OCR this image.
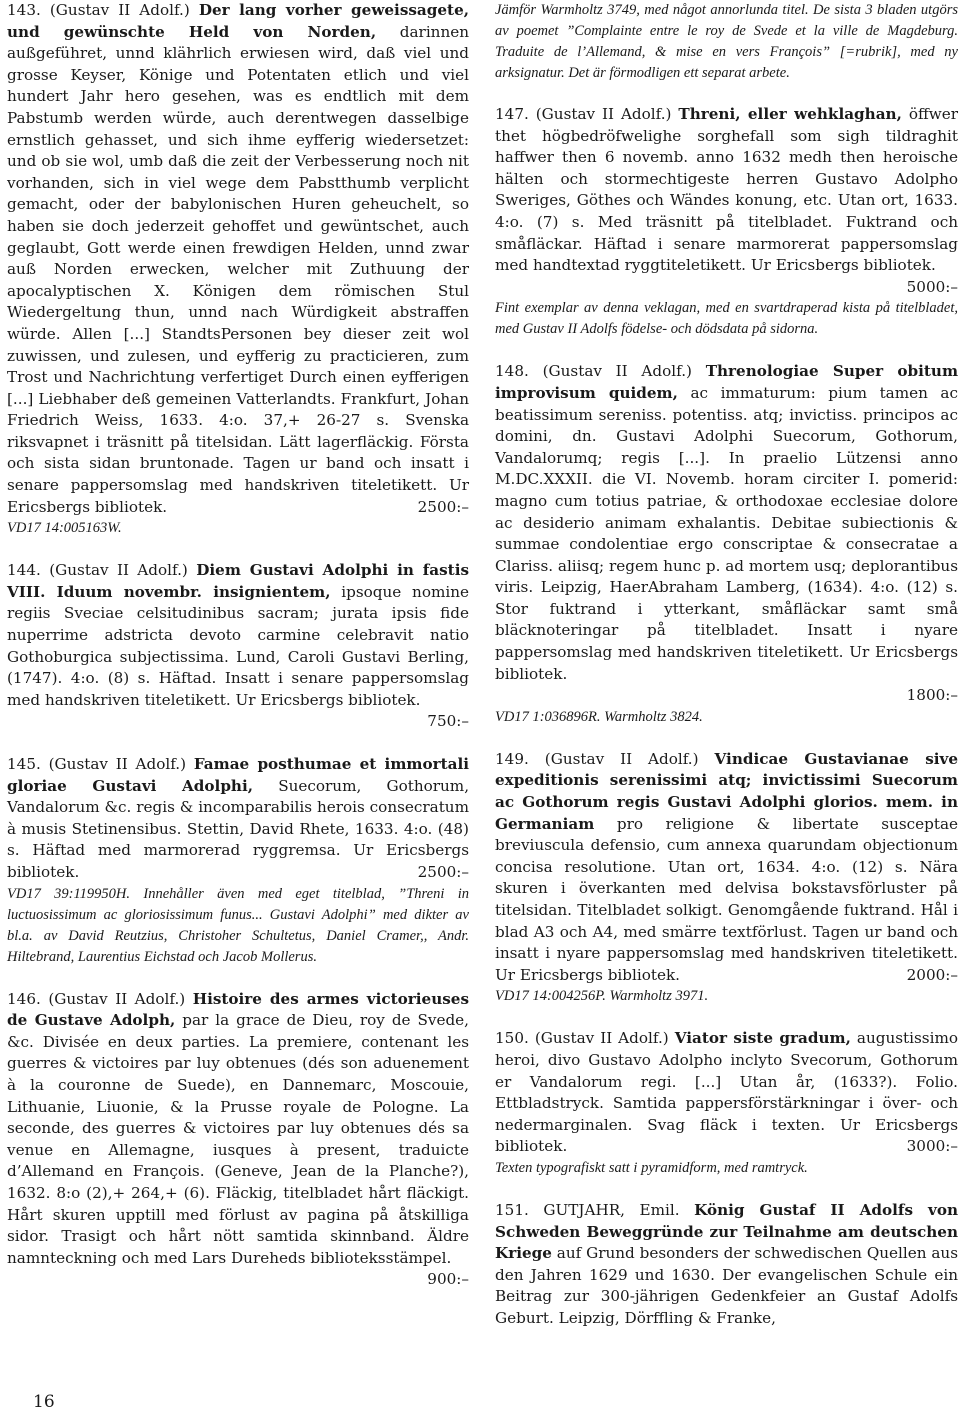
143. (Gustav II Adolf.) Der lang vorher geweissagete, und gewünschte Held von Norden, darinnen außgeführet, unnd klährlich erwiesen wird, daß viel und grosse Keyser, Könige und Potentaten etlich und viel hundert Jahr hero gesehen, was es endtlich mit dem Pabstumb werden würde, auch derentwegen dasselbige ernstlich gehasset, und sich ihme eyfferig wiedersetzet: und ob sie wol, umb daß die zeit der Verbesserung noch nit vorhanden, sich in viel wege dem Pabstthumb verplicht gemacht, oder der babylonischen Huren geheuchelt, so haben sie doch jederzeit gehoffet und gewüntschet, auch geglaubt, Gott werde einen frewdigen Helden, unnd zwar auß Norden erwecken, welcher mit Zuthuung der apocalyptischen X. Königen dem römischen Stul Wiedergeltung thun, unnd nach Würdigkeit abstraffen würde. Allen [...] StandtsPersonen bey dieser zeit wol zuwissen, und zulesen, und eyfferig zu practicieren, zum Trost und Nachrichtung verfertiget Durch einen eyfferigen [...] Liebhaber deß gemeinen Vatterlandts. Frankfurt, Johan Friedrich Weiss, 1633. 4:o. 37,+ 26-27 s. Svenska riksvapnet i träsnitt på titelsidan. Lätt lagerfläckig. Första och sista sidan bruntonade. Tagen ur band och insatt i senare pappersomslag med handskriven titeletikett. Ur Ericsbergs bibliotek.	2500:–

VD17 14:005163W.

144. (Gustav II Adolf.) Diem Gustavi Adolphi in fastis VIII. Iduum novembr. insignientem, ipsoque nomine regiis Sveciae celsitudinibus sacram; jurata ipsis fide nuperrime adstricta devoto carmine celebravit natio Gothoburgica subjectissima. Lund, Caroli Gustavi Berling, (1747). 4:o. (8) s. Häftad. Insatt i senare pappersomslag med handskriven titeletikett. Ur Ericsbergs bibliotek.

750:–

145. (Gustav II Adolf.) Famae posthumae et immortali gloriae Gustavi Adolphi, Suecorum, Gothorum, Vandalorum &c. regis & incomparabilis herois consecratum à musis Stetinensibus. Stettin, David Rhete, 1633. 4:o. (48) s. Häftad med marmorerad ryggremsa. Ur Ericsbergs bibliotek.	2500:–

VD17 39:119950H. Innehåller även med eget titelblad, ”Threni in luctuosissimum ac gloriosissimum funus... Gustavi Adolphi” med dikter av bl.a. av David Reutzius, Christoher Schultetus, Daniel Cramer,, Andr. Hiltebrand, Laurentius Eichstad och Jacob Mollerus.

146. (Gustav II Adolf.) Histoire des armes victorieuses de Gustave Adolph, par la grace de Dieu, roy de Svede, &c. Divisée en deux parties. La premiere, contenant les guerres & victoires par luy obtenues (dés son aduenement à la couronne de Suede), en Dannemarc, Moscouie, Lithuanie, Liuonie, & la Prusse royale de Pologne. La seconde, des guerres & victoires par luy obtenues dés sa venue en Allemagne, iusques à present, traduicte d’Allemand en François. (Geneve, Jean de la Planche?), 1632. 8:o (2),+ 264,+ (6). Fläckig, titelbladet hårt fläckigt. Hårt skuren upptill med förlust av pagina på åtskilliga sidor. Trasigt och hårt nött samtida skinnband. Äldre namnteckning och med Lars Dureheds biblioteksstämpel.
900:–

Jämför Warmholtz 3749, med något annorlunda titel. De sista 3 bladen utgörs av poemet ”Complainte entre le roy de Svede et la ville de Magdeburg. Traduite de l’Allemand, & mise en vers François” [=rubrik], med ny arksignatur. Det är förmodligen ett separat arbete.

147. (Gustav II Adolf.) Threni, eller wehklaghan, öffwer thet högbedröfwelighe sorghefall som sigh tildraghit haffwer then 6 novemb. anno 1632 medh then heroische hälten och stormechtigeste herren Gustavo Adolpho Sweriges, Göthes och Wändes konung, etc. Utan ort, 1633. 4:o. (7) s. Med träsnitt på titelbladet. Fuktrand och småfläckar. Häftad i senare marmorerat pappersomslag med handtextad ryggtiteletikett. Ur Ericsbergs bibliotek.

5000:–

Fint exemplar av denna veklagan, med en svartdraperad kista på titelbladet, med Gustav II Adolfs födelse- och dödsdata på sidorna.

148. (Gustav II Adolf.) Threnologiae Super obitum improvisum quidem, ac immaturum: pium tamen ac beatissimum sereniss. potentiss. atq; invictiss. principos ac domini, dn. Gustavi Adolphi Suecorum, Gothorum, Vandalorumq; regis [...]. In praelio Lützensi anno M.DC.XXXII. die VI. Novemb. horam circiter I. pomerid: magno cum totius patriae, & orthodoxae ecclesiae dolore ac desiderio animam exhalantis. Debitae subiectionis & summae condolentiae ergo conscriptae & consecratae a Clariss. aliisq; regem hunc p. ad mortem usq; deplorantibus viris. Leipzig, HaerAbraham Lamberg, (1634). 4:o. (12) s. Stor fuktrand i ytterkant, småfläckar samt små bläcknoteringar på titelbladet. Insatt i nyare pappersomslag med handskriven titeletikett. Ur Ericsbergs bibliotek.

1800:–

VD17 1:036896R. Warmholtz 3824.

149. (Gustav II Adolf.) Vindicae Gustavianae sive expeditionis serenissimi atq; invictissimi Suecorum ac Gothorum regis Gustavi Adolphi glorios. mem. in Germaniam pro religione & libertate susceptae breviuscula defensio, cum annexa quarundam objectionum concisa resolutione. Utan ort, 1634. 4:o. (12) s. Nära skuren i överkanten med delvisa bokstavsförluster på titelsidan. Titelbladet solkigt. Genomgående fuktrand. Hål i blad A3 och A4, med smärre textförlust. Tagen ur band och insatt i nyare pappersomslag med handskriven titeletikett. Ur Ericsbergs bibliotek.	2000:–

VD17 14:004256P. Warmholtz 3971.

150. (Gustav II Adolf.) Viator siste gradum, augustissimo heroi, divo Gustavo Adolpho inclyto Svecorum, Gothorum er Vandalorum regi. [...] Utan år, (1633?). Folio. Ettbladstryck. Samtida pappersförstärkningar i över- och nedermarginalen. Svag fläck i texten. Ur Ericsbergs bibliotek.	3000:–

Texten typografiskt satt i pyramidform, med ramtryck.

151. GUTJAHR, Emil. König Gustaf II Adolfs von Schweden Beweggründe zur Teilnahme am deutschen Kriege auf Grund besonders der schwedischen Quellen aus den Jahren 1629 und 1630. Der evangelischen Schule ein Beitrag zur 300-jährigen Gedenkfeier an Gustaf Adolfs Geburt. Leipzig, Dörffling & Franke,

16
